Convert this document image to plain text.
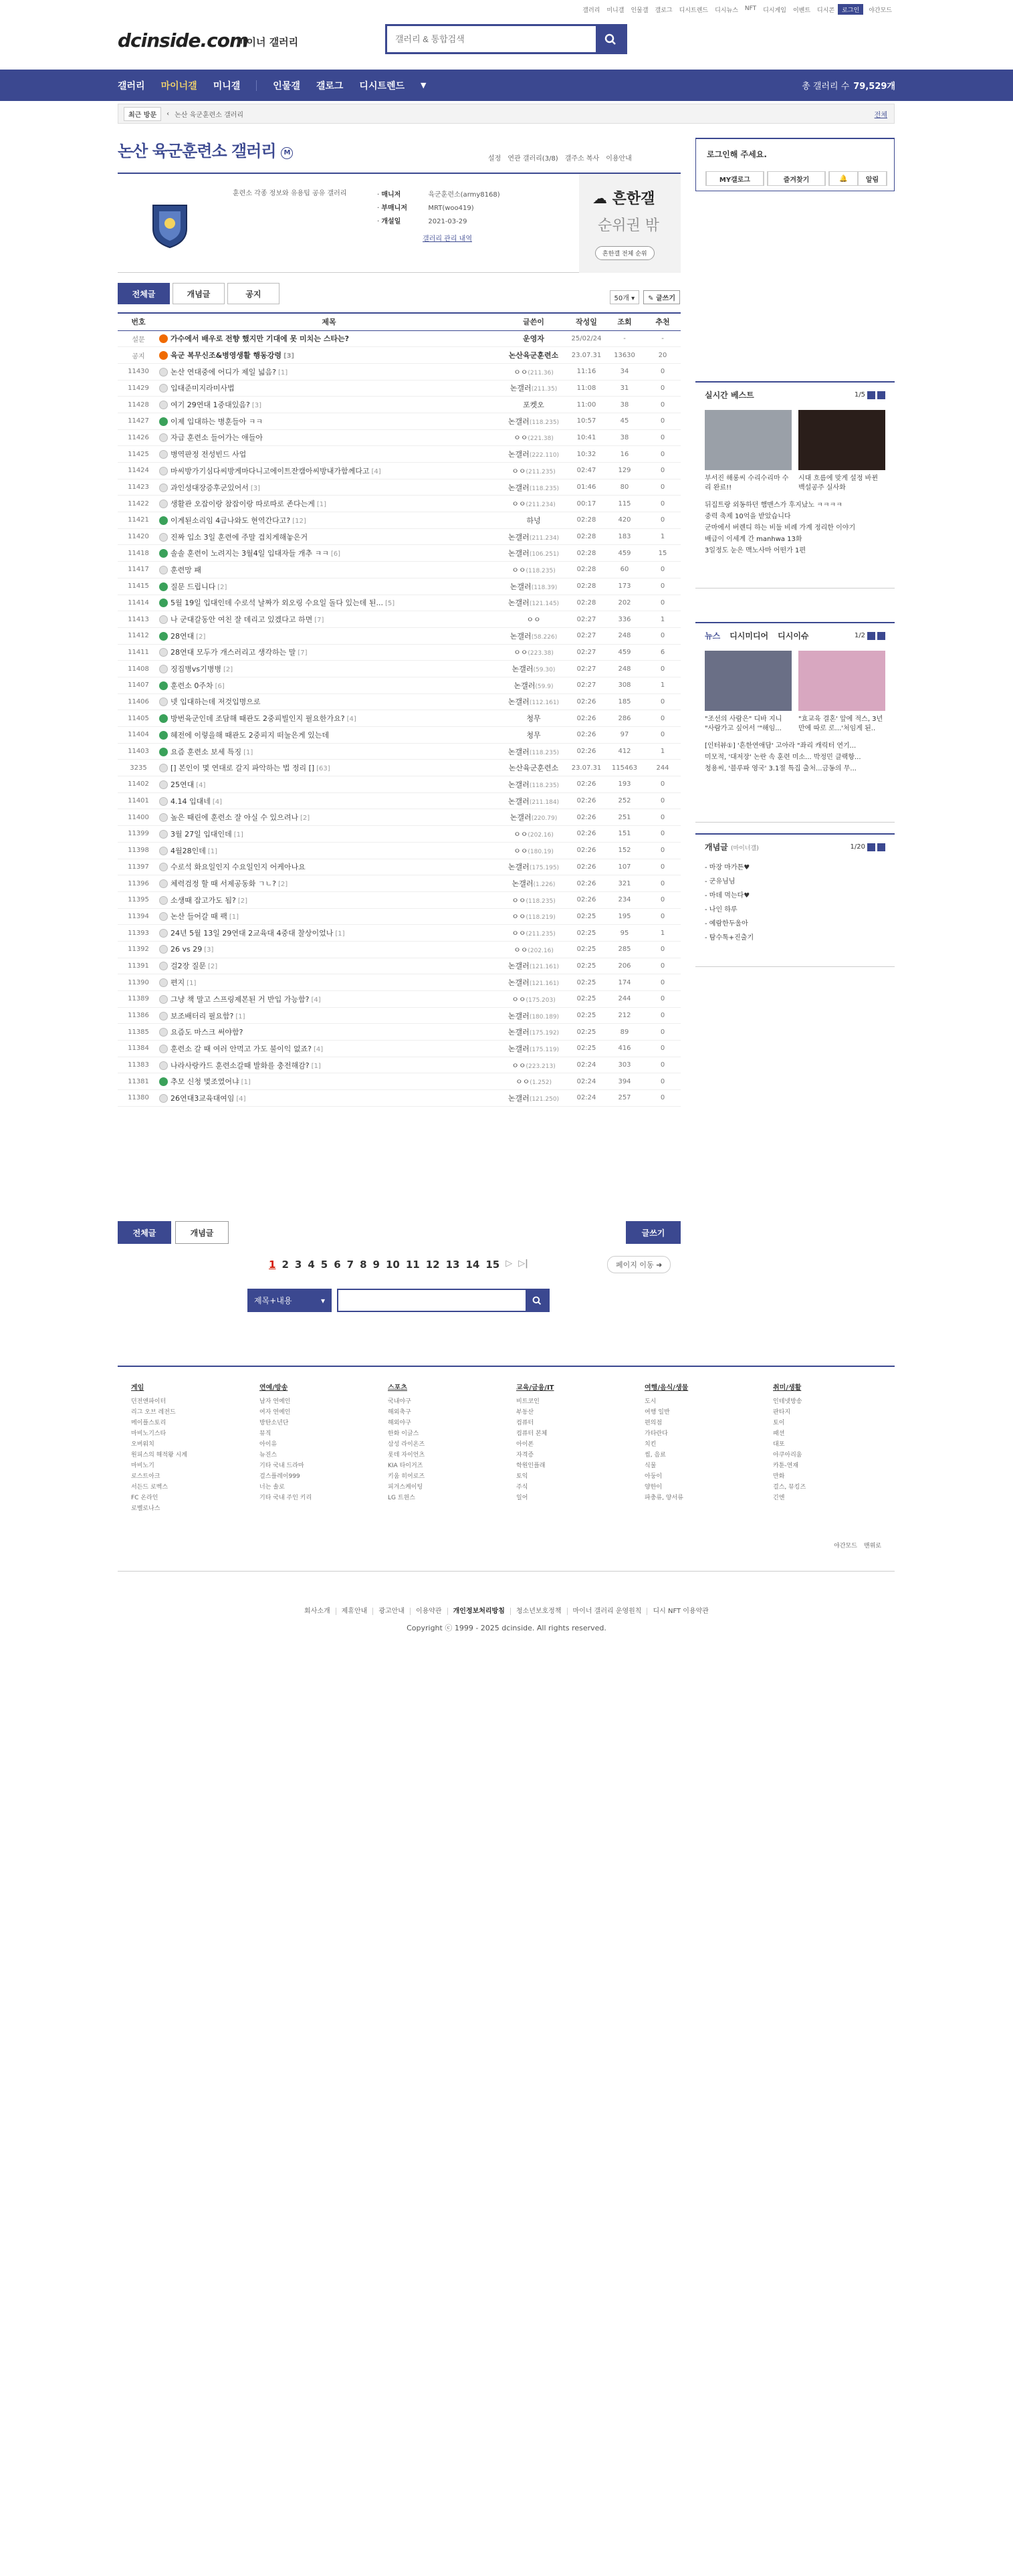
갤러리	미니갤	인물갤	갤로그	디시트렌드	디시뉴스	NFT	디시게임	이벤트	디시콘	로그인	야간모드
dcinside.com
마이너 갤러리
갤러리 & 통합검색
갤러리 마이너갤 미니갤	인물갤 갤로그 디시트렌드 ▼	총 갤러리 수 79,529개
최근 방문	‹ 논산 육군훈련소 갤러리	전체
논산 육군훈련소 갤러리 M
설정 연관 갤러리(3/8) 갤주소 복사 이용안내
훈련소 각종 정보와 유용팁 공유 갤러리	· 매니저	육군훈련소(army8168)
· 부매니저	MRT(woo419)
· 개설일	2021-03-29
갤러리 관리 내역
☁ 흔한갤
순위권 밖
흔한갤 전체 순위
전체글	개념글	공지	50개 ▾	✎ 글쓰기
번호	제목	글쓴이	작성일	조회	추천
설문	가수에서 배우로 전향 했지만 기대에 못 미치는 스타는?	운영자	25/02/24	-	-
공지	육군 복무신조&병영생활 행동강령 [3]	논산육군훈련소	23.07.31	13630	20
11430	논산 연대중에 어디가 제일 넓음? [1]	ㅇㅇ(211.36)	11:16	34	0
11429	입대준미지라미사법	논갤러(211.35)	11:08	31	0
11428	여기 29연대 1중대있음? [3]	포켓오	11:00	38	0
11427	이제 입대하는 병훈들아 ㅋㅋ	논갤러(118.235)	10:57	45	0
11426	자급 훈련소 들어가는 애들아	ㅇㅇ(221.38)	10:41	38	0
11425	병역판정 전성빈드 사업	논갤러(222.110)	10:32	16	0
11424	마씨방가기심다씨방게마다니고에이트잔캠아씨방내가함께다고 [4]	ㅇㅇ(211.235)	02:47	129	0
11423	과인성대장증후군있어서 [3]	논갤러(118.235)	01:46	80	0
11422	생활관 오잡이랑 참잡이랑 따로따로 존다는게 [1]	ㅇㅇ(211.234)	00:17	115	0
11421	이게된소리임 4급나와도 현역간다고? [12]	하넝	02:28	420	0
11420	진짜 입소 3일 훈련에 주말 겹치게해놓은거	논갤러(211.234)	02:28	183	1
11418	솔솔 훈련이 노려지는 3월4일 입대자들 개추 ㅋㅋ [6]	논갤러(106.251)	02:28	459	15
11417	훈련망 패	ㅇㅇ(118.235)	02:28	60	0
11415	질문 드립니다 [2]	논갤러(118.39)	02:28	173	0
11414	5월 19일 입대인데 수로석 날짜가 외오링 수요일 돌다 있는데 된... [5]	논갤러(121.145)	02:28	202	0
11413	나 군대갈동안 여친 잘 데리고 있겠다고 하면 [7]	ㅇㅇ	02:27	336	1
11412	28연대 [2]	논갤러(58.226)	02:27	248	0
11411	28연대 모두가 개스러리고 생각하는 말 [7]	ㅇㅇ(223.38)	02:27	459	6
11408	징집병vs기병병 [2]	논갤러(59.30)	02:27	248	0
11407	훈련소 0주차 [6]	논갤러(59.9)	02:27	308	1
11406	넷 입대하는데 저것입명으로	논갤러(112.161)	02:26	185	0
11405	방번육군인데 조담해 때관도 2중피빌인지 필요한가요? [4]	청무	02:26	286	0
11404	혜전에 이렇을해 때관도 2중피지 떠눌은게 있는데	청무	02:26	97	0
11403	요즘 훈련소 보세 특징 [1]	논갤러(118.235)	02:26	412	1
3235	[] 본인이 몇 연대로 갈지 파악하는 법 정리 [] [63]	논산육군훈련소	23.07.31	115463	244
11402	25연대 [4]	논갤러(118.235)	02:26	193	0
11401	4.14 입대네 [4]	논갤러(211.184)	02:26	252	0
11400	높은 때린에 훈련소 잘 아실 수 있으려나 [2]	논갤러(220.79)	02:26	251	0
11399	3월 27일 입대인데 [1]	ㅇㅇ(202.16)	02:26	151	0
11398	4월28인데 [1]	ㅇㅇ(180.19)	02:26	152	0
11397	수로석 화요일인지 수요일인지 어케아나요	논갤러(175.195)	02:26	107	0
11396	체력검정 할 때 서제공동화 ㄱㄴ? [2]	논갤러(1.226)	02:26	321	0
11395	소생때 잡고가도 됨? [2]	ㅇㅇ(118.235)	02:26	234	0
11394	논산 들어갈 때 팩 [1]	ㅇㅇ(118.219)	02:25	195	0
11393	24년 5월 13일 29연대 2교육대 4중대 찰상이었나 [1]	ㅇㅇ(211.235)	02:25	95	1
11392	26 vs 29 [3]	ㅇㅇ(202.16)	02:25	285	0
11391	걸2장 질문 [2]	논갤러(121.161)	02:25	206	0
11390	편지 [1]	논갤러(121.161)	02:25	174	0
11389	그냥 책 말고 스프링제본된 거 반입 가능함? [4]	ㅇㅇ(175.203)	02:25	244	0
11386	보조배터리 필요함? [1]	논갤러(180.189)	02:25	212	0
11385	요즘도 마스크 써야함?	논갤러(175.192)	02:25	89	0
11384	훈련소 갈 때 여러 안먹고 가도 불이익 없죠? [4]	논갤러(175.119)	02:25	416	0
11383	나라사랑카드 훈련소갈때 발화를 충전해감? [1]	ㅇㅇ(223.213)	02:24	303	0
11381	추모 신청 몇조였어냐 [1]	ㅇㅇ(1.252)	02:24	394	0
11380	26연대3교육대여임 [4]	논갤러(121.250)	02:24	257	0
전체글	개념글	글쓰기
1 2 3 4 5 6 7 8 9 10 11 12 13 14 15 ▷ ▷|	페이지 이동 ➜
제목+내용	▾
로그인해 주세요.
MY갤로그	즐겨찾기	🔔	알림
실시간 베스트	1/5
부서진 해롱씨 수리수리마 수리 완료!!
시대 흐름에 맞게 설정 바뀐 백설공주 실사화
뒤집트랑 외동하던 햄맨스가 후지났노 ㅋㅋㅋㅋ
중력 축제 10억을 받았습니다
군마에서 버렌디 하는 비둘 비례 가계 정리한 이야기
배급이 이세계 간 manhwa 13화
3일정도 눈은 맥노사마 어떤가 1편
뉴스 디시미디어 디시이슈	1/2
"조선의 사람은" 디바 지니 "사람가고 싶어서 '"해임...
"효교육 결혼' 앞에 적스, 3년 만에 따로 로...'처임게 된..
[인터뷰①] '흔한연애담' 고아라 "좌리 캐릭터 연기...
미모적, '대저장' 논란 속 훈련 미소... 박정민 클랙항...
청용씨, '블루파 영국' 3.1절 특집 출처...금동의 무...
개념글 (마이너갤)	1/20
- 마장 마가튼♥
- 군유님님
- 마데 먹는다♥
- 나인 하루
- 예람한두울아
- 탐수톡+진출기
야간모드 맨위로
게임
던전앤파이터
리그 오브 레전드
메이플스토리
마비노기스타
오버워치
원피스의 해적왕 시계
마비노기
로스트아크
서든드 로벡스
FC 온라인
로벨로나스
연예/방송
남자 연예인
여자 연예인
방탄소년단
뮤직
아이유
뉴진스
기타 국내 드라마
걸스플레이999
너는 솔로
기타 국내 주인 키리
스포츠
국내야구
해외축구
해외야구
한화 이글스
삼성 라이온즈
롯데 자이언츠
KIA 타이거즈
키움 히어로즈
피겨스케이팅
LG 트윈스
교육/금융/IT
비트코인
부동산
컴퓨터
컴퓨터 본체
아이폰
자격증
학원인플래
토익
주식
일어
여행/음식/생물
도시
여행 일반
편의점
가타란다
치킨
씹, 음료
식물
아둥이
양한이
파충류, 양서류
취미/생활
인테넷방송
판타지
토이
패션
대포
아쿠아리움
카툰-연재
만화
걸스, 뮤킹즈
긴엔
회사소개 제휴안내 광고안내 이용약관 개인정보처리방침 청소년보호정책 마이너 갤러리 운영원칙 디시 NFT 이용약관
Copyright ⓒ 1999 - 2025 dcinside. All rights reserved.
